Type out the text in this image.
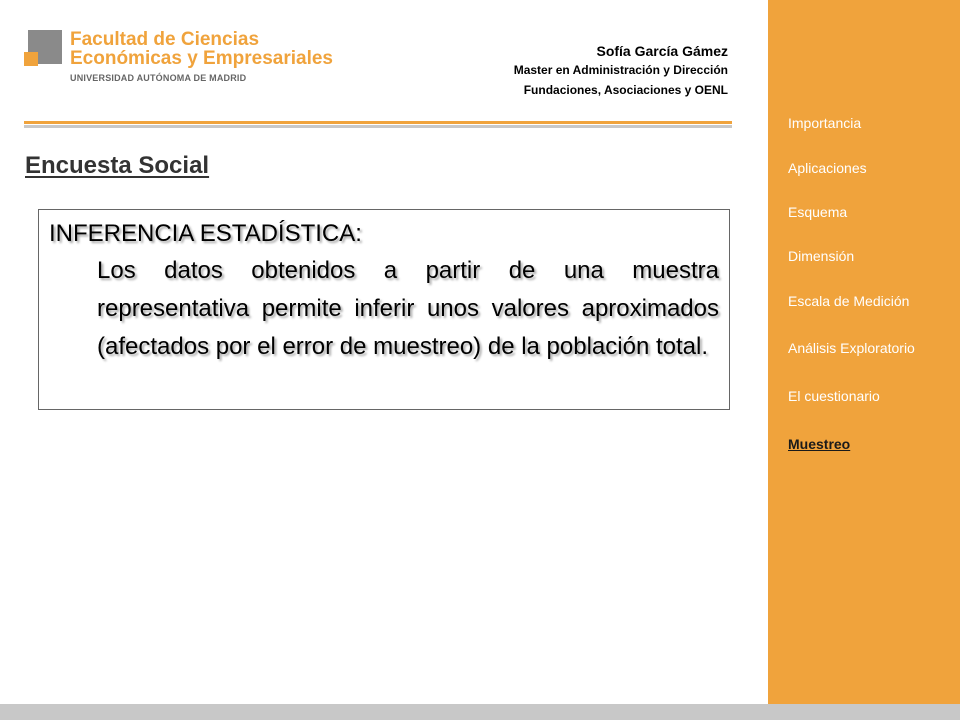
Facultad de Ciencias
Económicas y Empresariales
UNIVERSIDAD AUTÓNOMA DE MADRID
Sofía García Gámez
Master en Administración y Dirección
Fundaciones, Asociaciones y OENL
Encuesta Social
INFERENCIA ESTADÍSTICA:
Los datos obtenidos a partir de una muestra representativa permite inferir unos valores aproximados (afectados por el error de muestreo) de la población total.
Importancia
Aplicaciones
Esquema
Dimensión
Escala de Medición
Análisis Exploratorio
El cuestionario
Muestreo
